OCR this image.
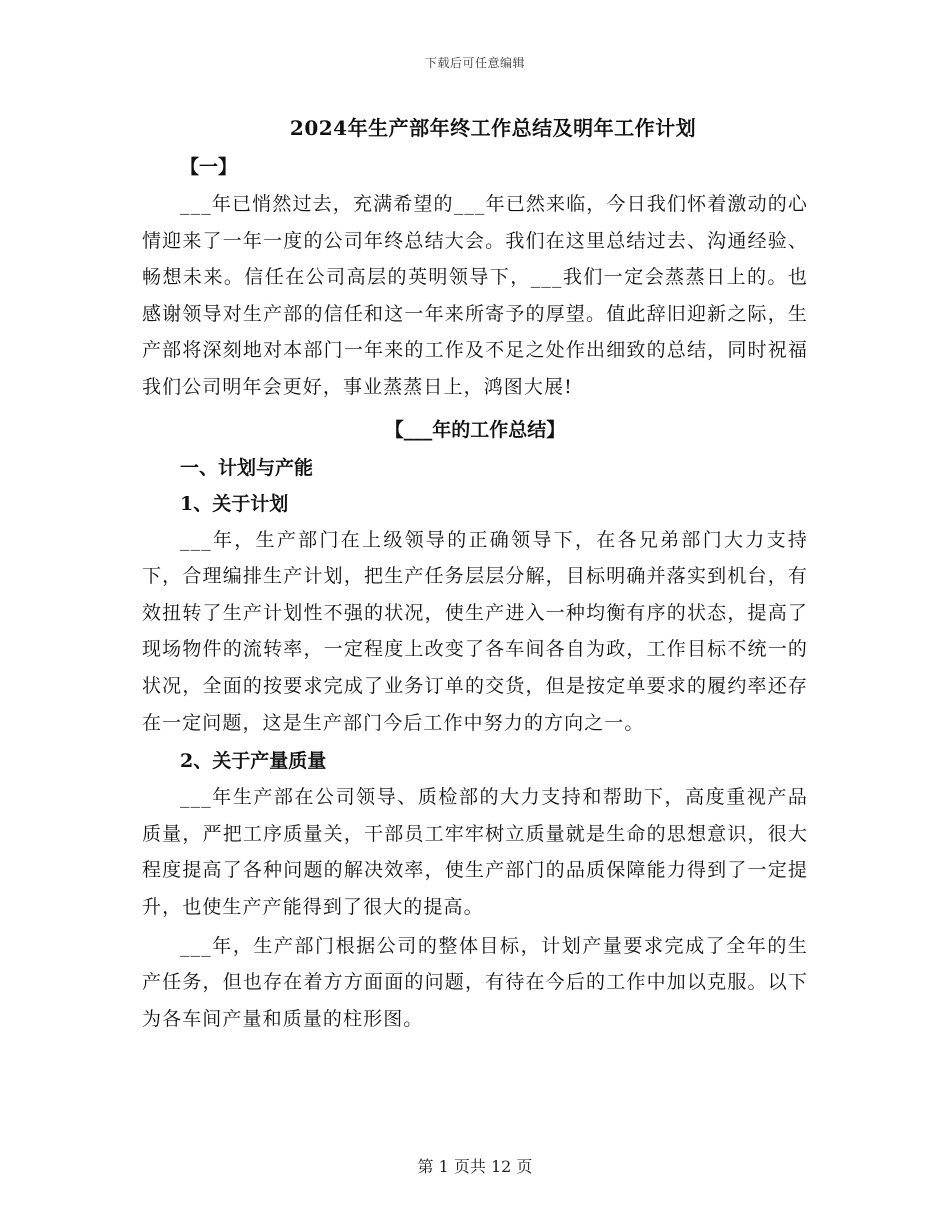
下载后可任意编辑
2024年生产部年终工作总结及明年工作计划
【一】

___年已悄然过去，充满希望的___年已然来临，今日我们怀着激动的心情迎来了一年一度的公司年终总结大会。我们在这里总结过去、沟通经验、畅想未来。信任在公司高层的英明领导下，___我们一定会蒸蒸日上的。也感谢领导对生产部的信任和这一年来所寄予的厚望。值此辞旧迎新之际，生产部将深刻地对本部门一年来的工作及不足之处作出细致的总结，同时祝福我们公司明年会更好，事业蒸蒸日上，鸿图大展!

【___年的工作总结】
一、计划与产能
1、关于计划

___年，生产部门在上级领导的正确领导下，在各兄弟部门大力支持下，合理编排生产计划，把生产任务层层分解，目标明确并落实到机台，有效扭转了生产计划性不强的状况，使生产进入一种均衡有序的状态，提高了现场物件的流转率，一定程度上改变了各车间各自为政，工作目标不统一的状况，全面的按要求完成了业务订单的交货，但是按定单要求的履约率还存在一定问题，这是生产部门今后工作中努力的方向之一。

2、关于产量质量

___年生产部在公司领导、质检部的大力支持和帮助下，高度重视产品质量，严把工序质量关，干部员工牢牢树立质量就是生命的思想意识，很大程度提高了各种问题的解决效率，使生产部门的品质保障能力得到了一定提升，也使生产产能得到了很大的提高。

___年，生产部门根据公司的整体目标，计划产量要求完成了全年的生产任务，但也存在着方方面面的问题，有待在今后的工作中加以克服。以下为各车间产量和质量的柱形图。

第 1 页共 12 页
